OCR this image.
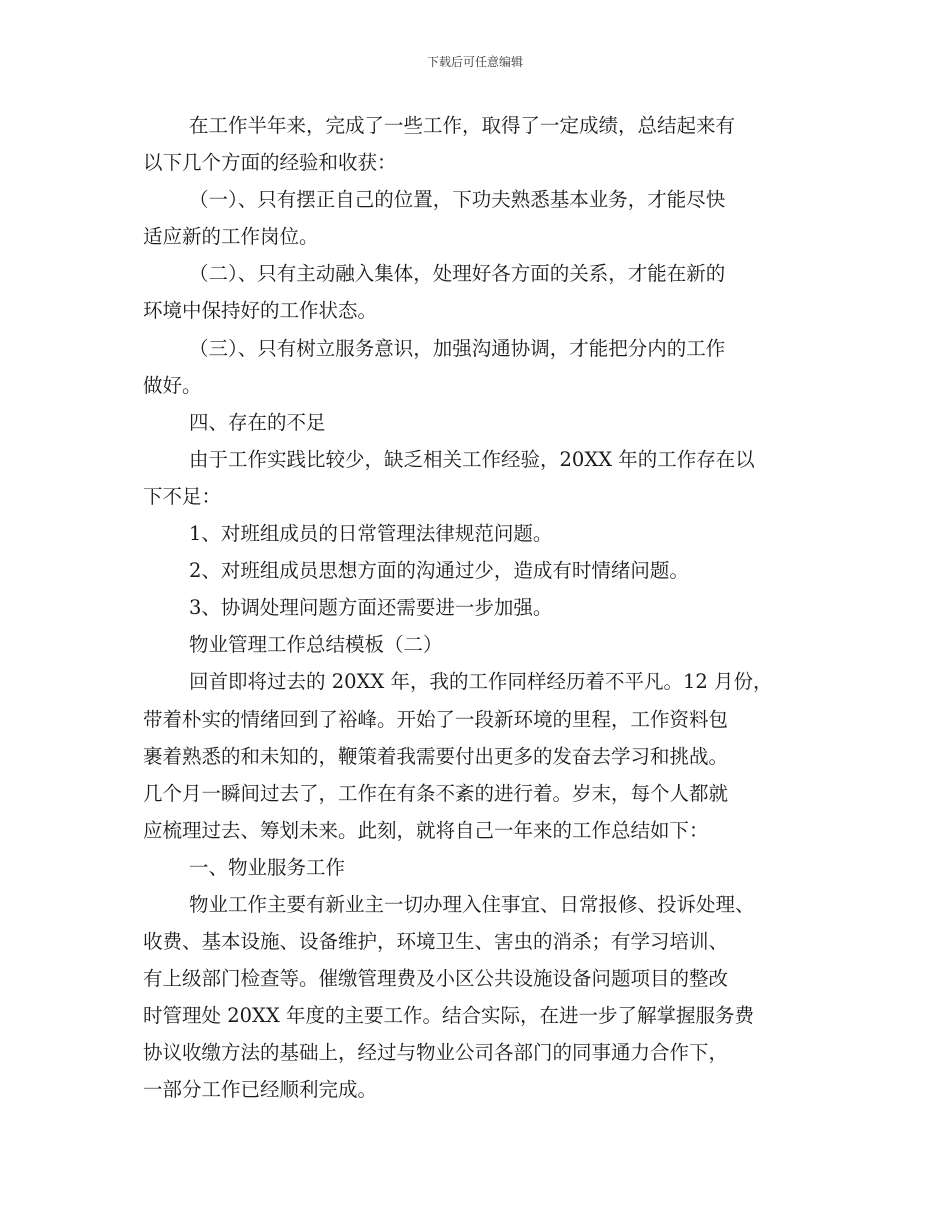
下载后可任意编辑
在工作半年来，完成了一些工作，取得了一定成绩，总结起来有
以下几个方面的经验和收获：
（一）、只有摆正自己的位置，下功夫熟悉基本业务，才能尽快
适应新的工作岗位。
（二）、只有主动融入集体，处理好各方面的关系，才能在新的
环境中保持好的工作状态。
（三）、只有树立服务意识，加强沟通协调，才能把分内的工作
做好。
四、存在的不足
由于工作实践比较少，缺乏相关工作经验，20XX 年的工作存在以
下不足：
1、对班组成员的日常管理法律规范问题。
2、对班组成员思想方面的沟通过少，造成有时情绪问题。
3、协调处理问题方面还需要进一步加强。
物业管理工作总结模板（二）
回首即将过去的 20XX 年，我的工作同样经历着不平凡。12 月份，
带着朴实的情绪回到了裕峰。开始了一段新环境的里程，工作资料包
裹着熟悉的和未知的，鞭策着我需要付出更多的发奋去学习和挑战。
几个月一瞬间过去了，工作在有条不紊的进行着。岁末，每个人都就
应梳理过去、筹划未来。此刻，就将自己一年来的工作总结如下：
一、物业服务工作
物业工作主要有新业主一切办理入住事宜、日常报修、投诉处理、
收费、基本设施、设备维护，环境卫生、害虫的消杀；有学习培训、
有上级部门检查等。催缴管理费及小区公共设施设备问题项目的整改
时管理处 20XX 年度的主要工作。结合实际，在进一步了解掌握服务费
协议收缴方法的基础上，经过与物业公司各部门的同事通力合作下，
一部分工作已经顺利完成。
